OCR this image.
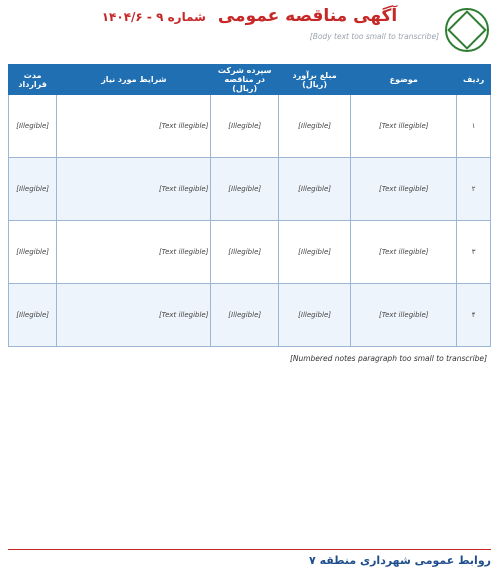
آگهی مناقصه عمومی شماره ۹ - ۱۴۰۴/۶
[Body text too small to transcribe]
ردیف	موضوع	مبلغ برآورد (ریال)	سپرده شرکت در مناقصه (ریال)	شرایط مورد نیاز	مدت قرارداد
۱	[Text illegible]	[Illegible]	[Illegible]	[Text illegible]	[Illegible]
۲	[Text illegible]	[Illegible]	[Illegible]	[Text illegible]	[Illegible]
۳	[Text illegible]	[Illegible]	[Illegible]	[Text illegible]	[Illegible]
۴	[Text illegible]	[Illegible]	[Illegible]	[Text illegible]	[Illegible]
[Numbered notes paragraph too small to transcribe]
روابط عمومی شهرداری منطقه ۷
